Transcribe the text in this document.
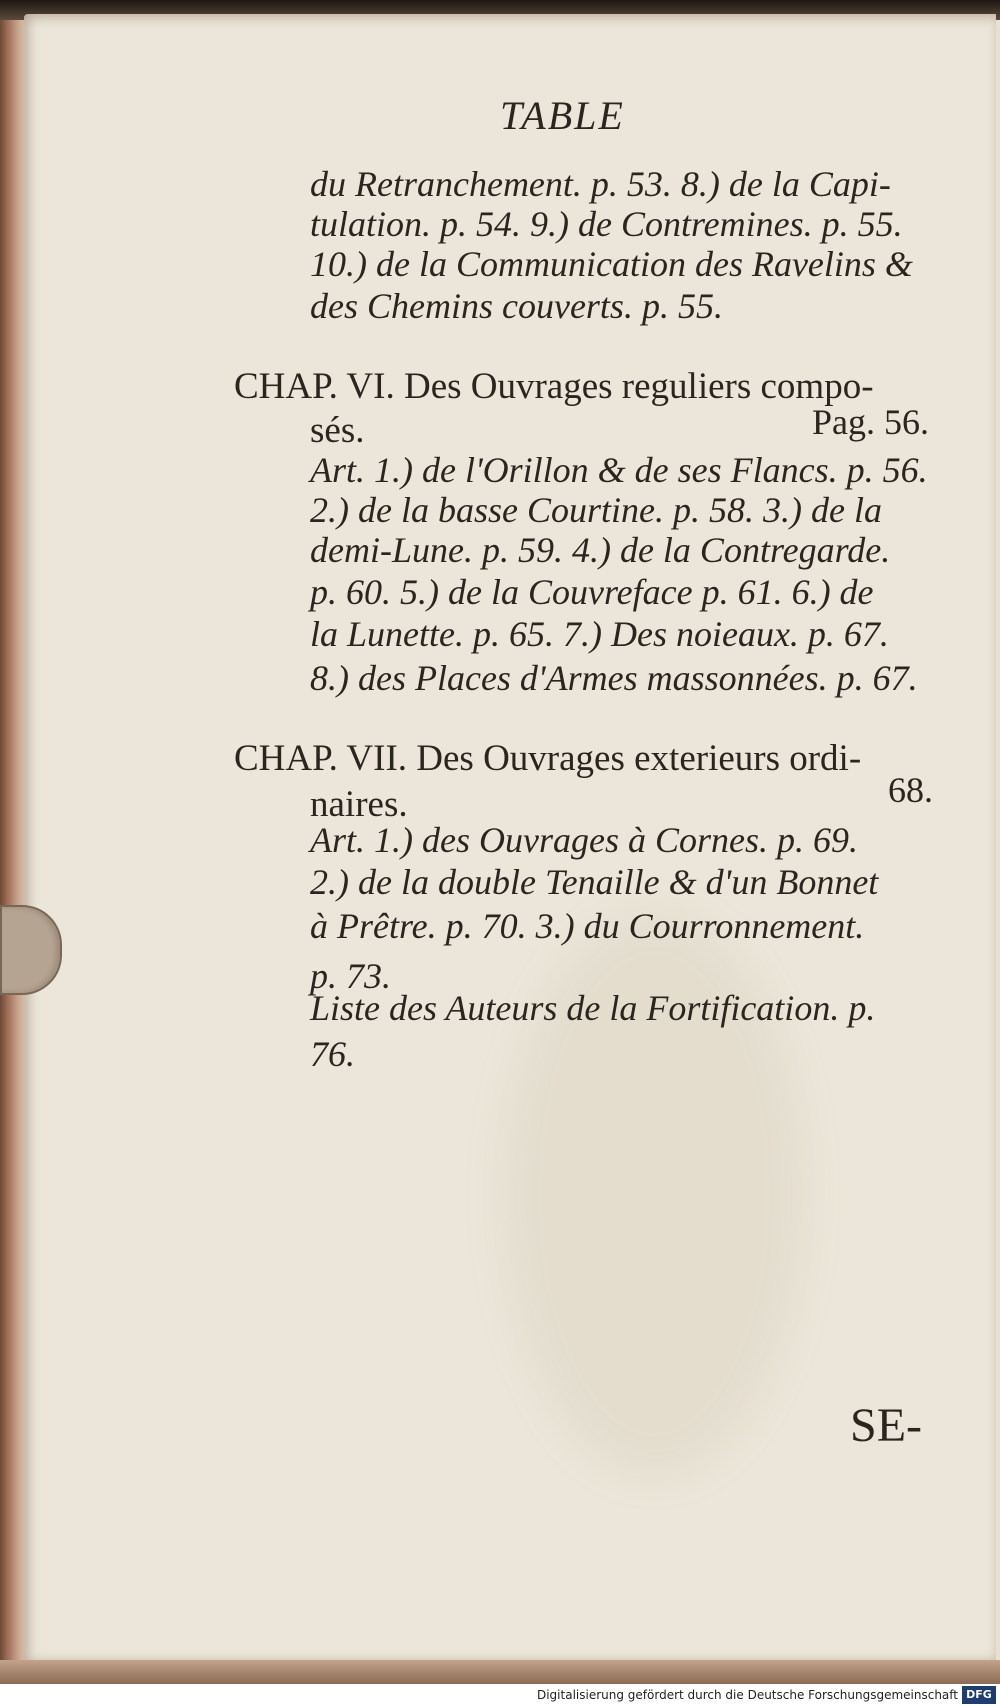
TABLE
du Retranchement. p. 53. 8.) de la Capi-
tulation. p. 54. 9.) de Contremines. p. 55.
10.) de la Communication des Ravelins &
des Chemins couverts. p. 55.
CHAP. VI. Des Ouvrages reguliers compo-
sés.	Pag. 56.
Art. 1.) de l'Orillon & de ses Flancs. p. 56.
2.) de la basse Courtine. p. 58. 3.) de la
demi-Lune. p. 59. 4.) de la Contregarde.
p. 60. 5.) de la Couvreface p. 61. 6.) de
la Lunette. p. 65. 7.) Des noieaux. p. 67.
8.) des Places d'Armes massonnées. p. 67.
CHAP. VII. Des Ouvrages exterieurs ordi-
naires.	68.
Art. 1.) des Ouvrages à Cornes. p. 69.
2.) de la double Tenaille & d'un Bonnet
à Prêtre. p. 70. 3.) du Courronnement.
p. 73.
Liste des Auteurs de la Fortification. p.
76.
SE-
Digitalisierung gefördert durch die Deutsche Forschungsgemeinschaft DFG
